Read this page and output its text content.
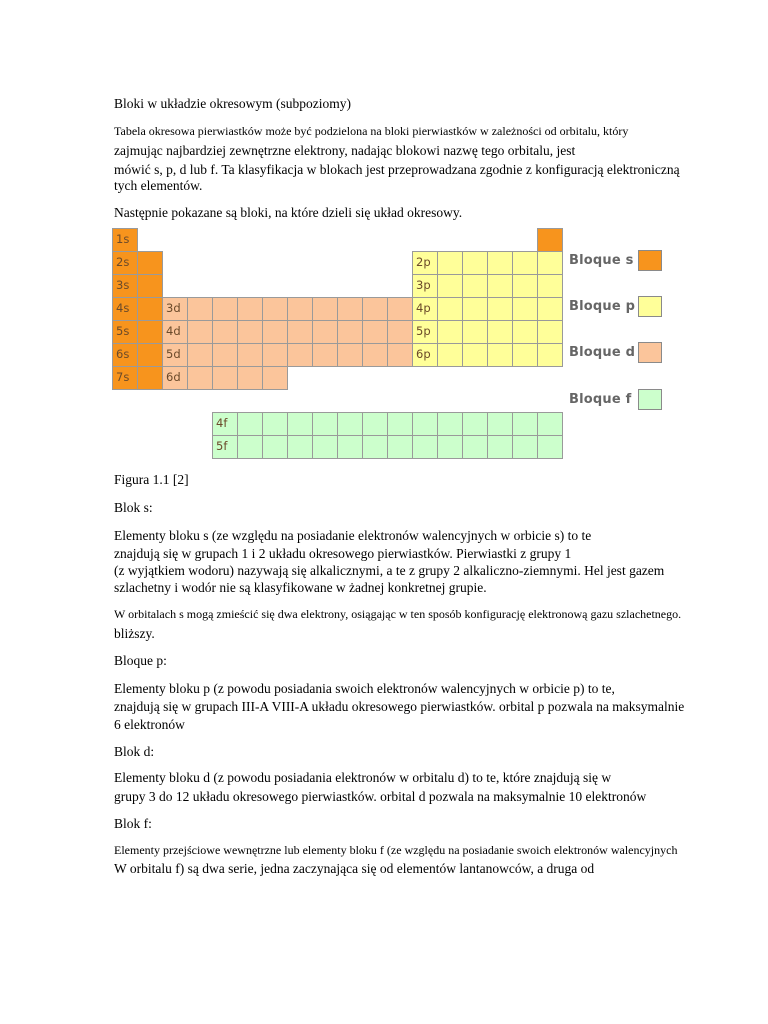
Bloki w układzie okresowym (subpoziomy)
Tabela okresowa pierwiastków może być podzielona na bloki pierwiastków w zależności od orbitalu, który
zajmując najbardziej zewnętrzne elektrony, nadając blokowi nazwę tego orbitalu, jest
mówić s, p, d lub f. Ta klasyfikacja w blokach jest przeprowadzana zgodnie z konfiguracją elektroniczną
tych elementów.
Następnie pokazane są bloki, na które dzieli się układ okresowy.
1s
2s
3s
4s
5s
6s
7s
3d
4d
5d
6d
2p
3p
4p
5p
6p
4f
5f
Bloque s
Bloque p
Bloque d
Bloque f
Figura 1.1 [2]
Blok s:
Elementy bloku s (ze względu na posiadanie elektronów walencyjnych w orbicie s) to te
znajdują się w grupach 1 i 2 układu okresowego pierwiastków. Pierwiastki z grupy 1
(z wyjątkiem wodoru) nazywają się alkalicznymi, a te z grupy 2 alkaliczno-ziemnymi. Hel jest gazem
szlachetny i wodór nie są klasyfikowane w żadnej konkretnej grupie.
W orbitalach s mogą zmieścić się dwa elektrony, osiągając w ten sposób konfigurację elektronową gazu szlachetnego.
bliższy.
Bloque p:
Elementy bloku p (z powodu posiadania swoich elektronów walencyjnych w orbicie p) to te,
znajdują się w grupach III-A VIII-A układu okresowego pierwiastków. orbital p pozwala na maksymalnie
6 elektronów
Blok d:
Elementy bloku d (z powodu posiadania elektronów w orbitalu d) to te, które znajdują się w
grupy 3 do 12 układu okresowego pierwiastków. orbital d pozwala na maksymalnie 10 elektronów
Blok f:
Elementy przejściowe wewnętrzne lub elementy bloku f (ze względu na posiadanie swoich elektronów walencyjnych
W orbitalu f) są dwa serie, jedna zaczynająca się od elementów lantanowców, a druga od
